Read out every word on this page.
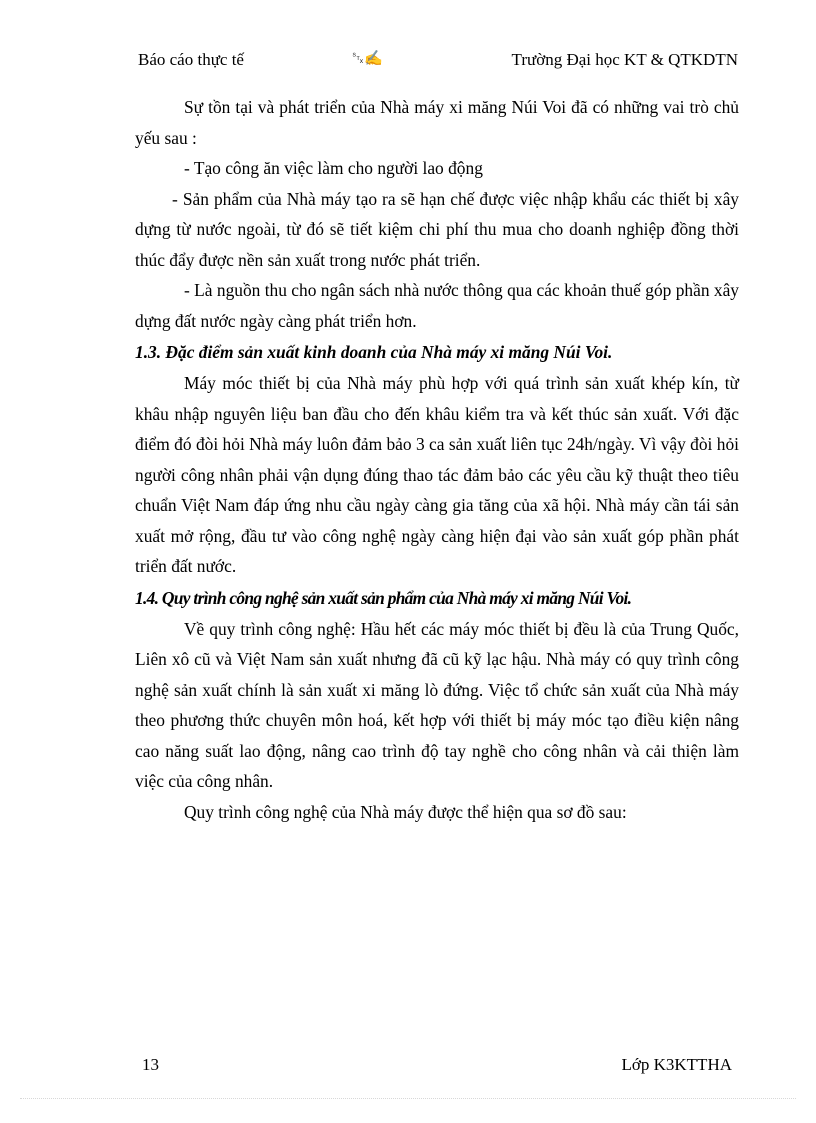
Báo cáo thực tế	␂✍	Trường Đại học KT & QTKDTN

Sự tồn tại và phát triển của Nhà máy xi măng Núi Voi đã có những vai trò chủ yếu sau :

- Tạo công ăn việc làm cho người lao động

- Sản phẩm của Nhà máy tạo ra sẽ hạn chế được việc nhập khẩu các thiết bị xây dựng từ nước ngoài, từ đó sẽ tiết kiệm chi phí thu mua cho doanh nghiệp đồng thời thúc đẩy được nền sản xuất trong nước phát triển.

- Là nguồn thu cho ngân sách nhà nước thông qua các khoản thuế góp phần xây dựng đất nước ngày càng phát triển hơn.

1.3. Đặc điểm sản xuất kinh doanh của Nhà máy xi măng Núi Voi.

Máy móc thiết bị của Nhà máy phù hợp với quá trình sản xuất khép kín, từ khâu nhập nguyên liệu ban đầu cho đến khâu kiểm tra và kết thúc sản xuất. Với đặc điểm đó đòi hỏi Nhà máy luôn đảm bảo 3 ca sản xuất liên tục 24h/ngày. Vì vậy đòi hỏi người công nhân phải vận dụng đúng thao tác đảm bảo các yêu cầu kỹ thuật theo tiêu chuẩn Việt Nam đáp ứng nhu cầu ngày càng gia tăng của xã hội. Nhà máy cần tái sản xuất mở rộng, đầu tư vào công nghệ ngày càng hiện đại vào sản xuất góp phần phát triển đất nước.

1.4. Quy trình công nghệ sản xuất sản phẩm của Nhà máy xi măng Núi Voi.

Về quy trình công nghệ: Hầu hết các máy móc thiết bị đều là của Trung Quốc, Liên xô cũ và Việt Nam sản xuất nhưng đã cũ kỹ lạc hậu. Nhà máy có quy trình công nghệ sản xuất chính là sản xuất xi măng lò đứng. Việc tổ chức sản xuất của Nhà máy theo phương thức chuyên môn hoá, kết hợp với thiết bị máy móc tạo điều kiện nâng cao năng suất lao động, nâng cao trình độ tay nghề cho công nhân và cải thiện làm việc của công nhân.

Quy trình công nghệ của Nhà máy được thể hiện qua sơ đồ sau:

13	Lớp K3KTTHA
